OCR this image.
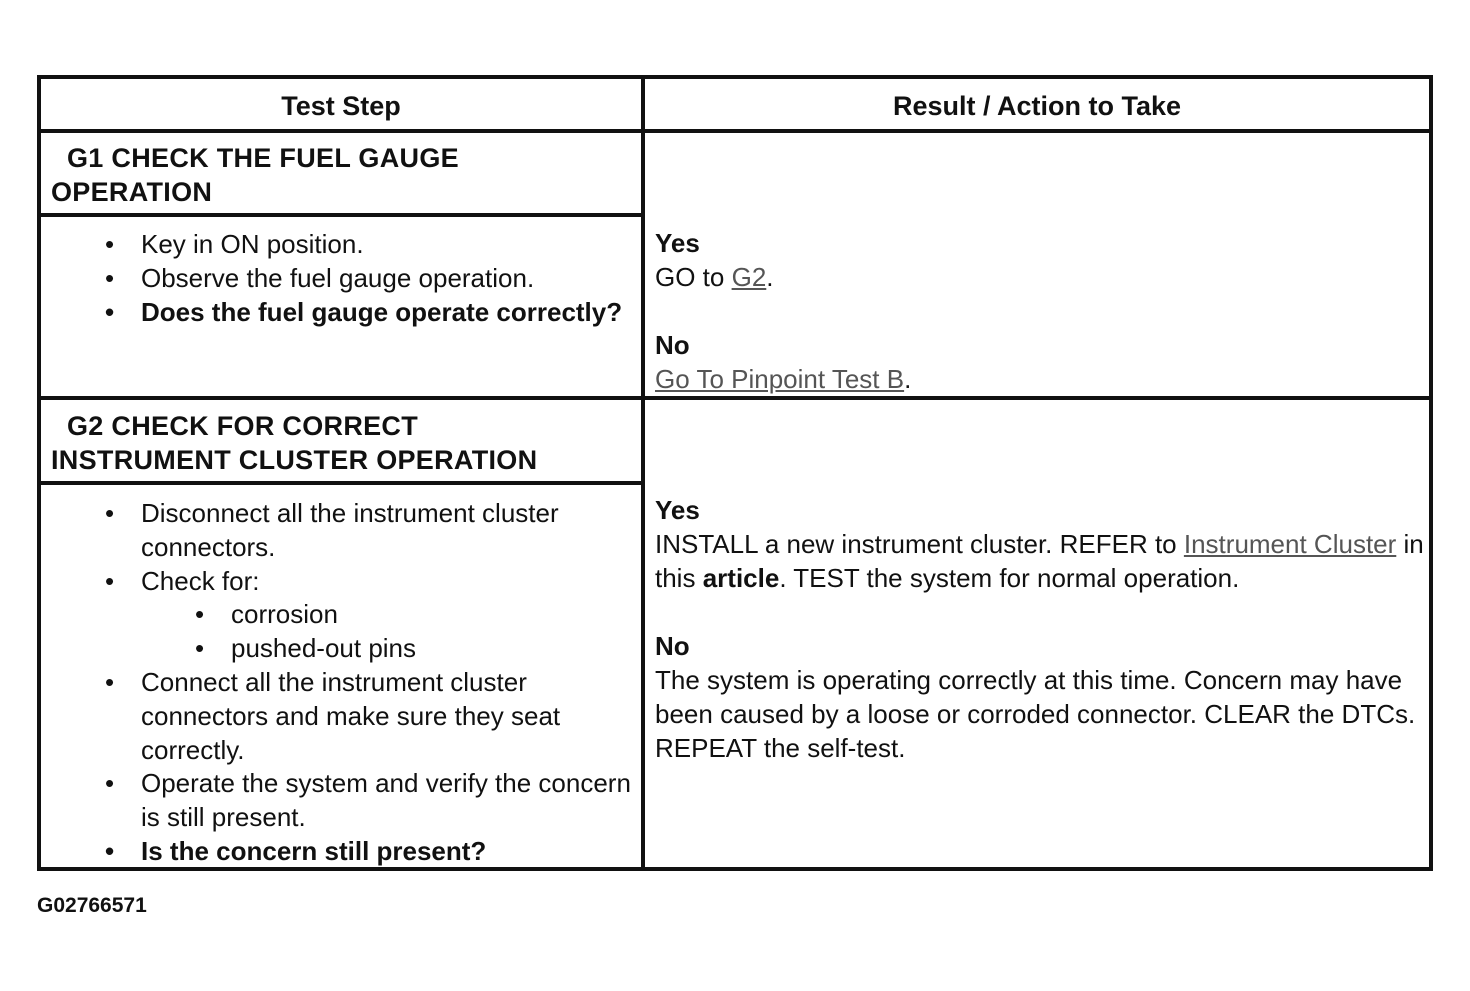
Test Step	Result / Action to Take
G1 CHECK THE FUEL GAUGE
OPERATION
• Key in ON position.
• Observe the fuel gauge operation.
• Does the fuel gauge operate correctly?
Yes
GO to G2.
No
Go To Pinpoint Test B.
G2 CHECK FOR CORRECT
INSTRUMENT CLUSTER OPERATION
• Disconnect all the instrument cluster connectors.
• Check for:
• corrosion
• pushed-out pins
• Connect all the instrument cluster connectors and make sure they seat correctly.
• Operate the system and verify the concern is still present.
• Is the concern still present?
Yes
INSTALL a new instrument cluster. REFER to Instrument Cluster in this article. TEST the system for normal operation.
No
The system is operating correctly at this time. Concern may have been caused by a loose or corroded connector. CLEAR the DTCs. REPEAT the self-test.
G02766571
